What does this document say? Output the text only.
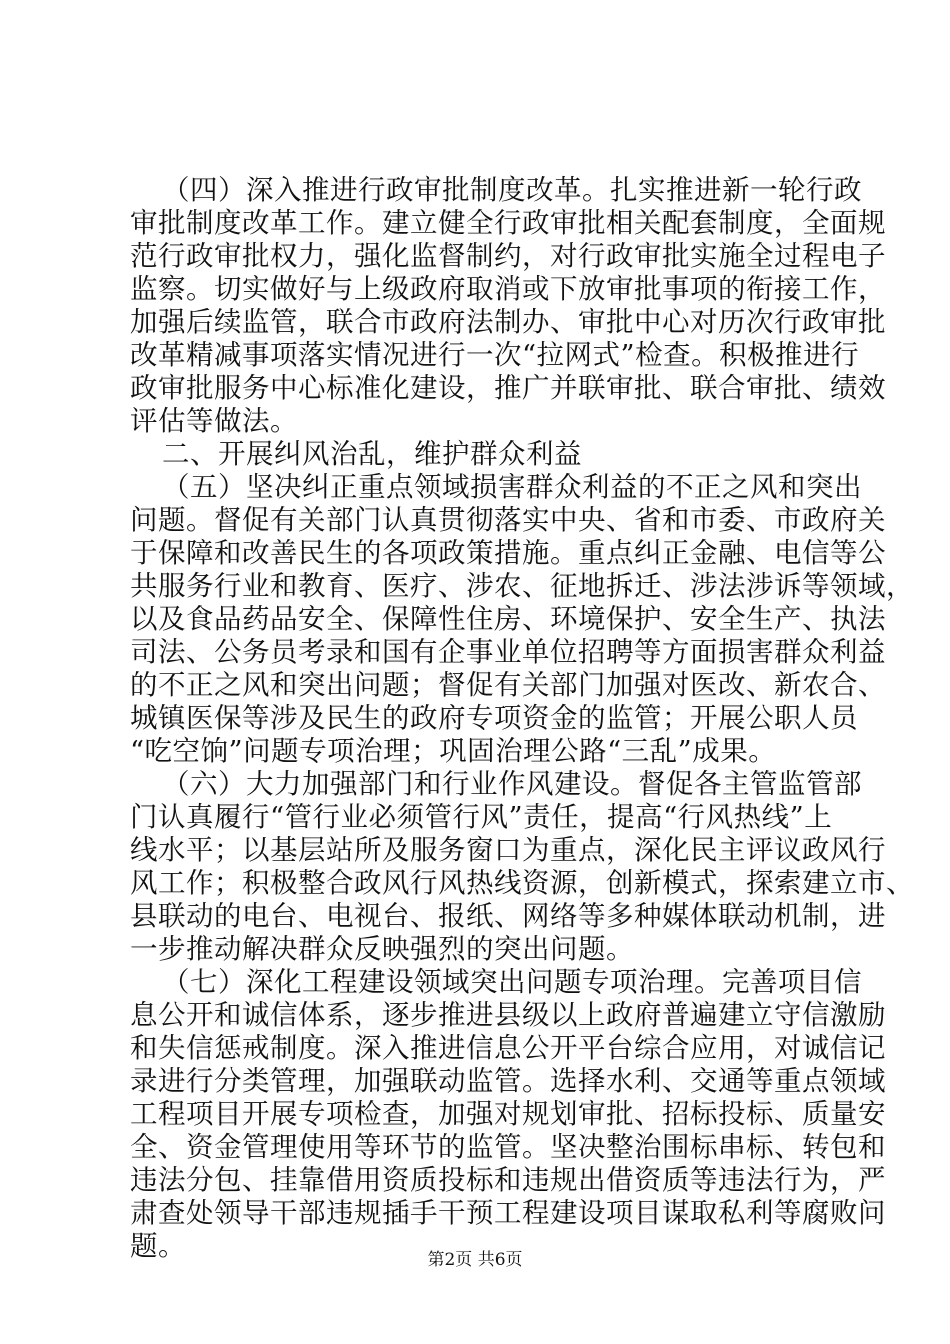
（四）深入推进行政审批制度改革。扎实推进新一轮行政
审批制度改革工作。建立健全行政审批相关配套制度，全面规
范行政审批权力，强化监督制约，对行政审批实施全过程电子
监察。切实做好与上级政府取消或下放审批事项的衔接工作，
加强后续监管，联合市政府法制办、审批中心对历次行政审批
改革精减事项落实情况进行一次“拉网式”检查。积极推进行
政审批服务中心标准化建设，推广并联审批、联合审批、绩效
评估等做法。
二、开展纠风治乱，维护群众利益
（五）坚决纠正重点领域损害群众利益的不正之风和突出
问题。督促有关部门认真贯彻落实中央、省和市委、市政府关
于保障和改善民生的各项政策措施。重点纠正金融、电信等公
共服务行业和教育、医疗、涉农、征地拆迁、涉法涉诉等领域，
以及食品药品安全、保障性住房、环境保护、安全生产、执法
司法、公务员考录和国有企事业单位招聘等方面损害群众利益
的不正之风和突出问题；督促有关部门加强对医改、新农合、
城镇医保等涉及民生的政府专项资金的监管；开展公职人员
“吃空饷”问题专项治理；巩固治理公路“三乱”成果。
（六）大力加强部门和行业作风建设。督促各主管监管部
门认真履行“管行业必须管行风”责任，提高“行风热线”上
线水平；以基层站所及服务窗口为重点，深化民主评议政风行
风工作；积极整合政风行风热线资源，创新模式，探索建立市、
县联动的电台、电视台、报纸、网络等多种媒体联动机制，进
一步推动解决群众反映强烈的突出问题。
（七）深化工程建设领域突出问题专项治理。完善项目信
息公开和诚信体系，逐步推进县级以上政府普遍建立守信激励
和失信惩戒制度。深入推进信息公开平台综合应用，对诚信记
录进行分类管理，加强联动监管。选择水利、交通等重点领域
工程项目开展专项检查，加强对规划审批、招标投标、质量安
全、资金管理使用等环节的监管。坚决整治围标串标、转包和
违法分包、挂靠借用资质投标和违规出借资质等违法行为，严
肃查处领导干部违规插手干预工程建设项目谋取私利等腐败问
题。	第2页 共6页
